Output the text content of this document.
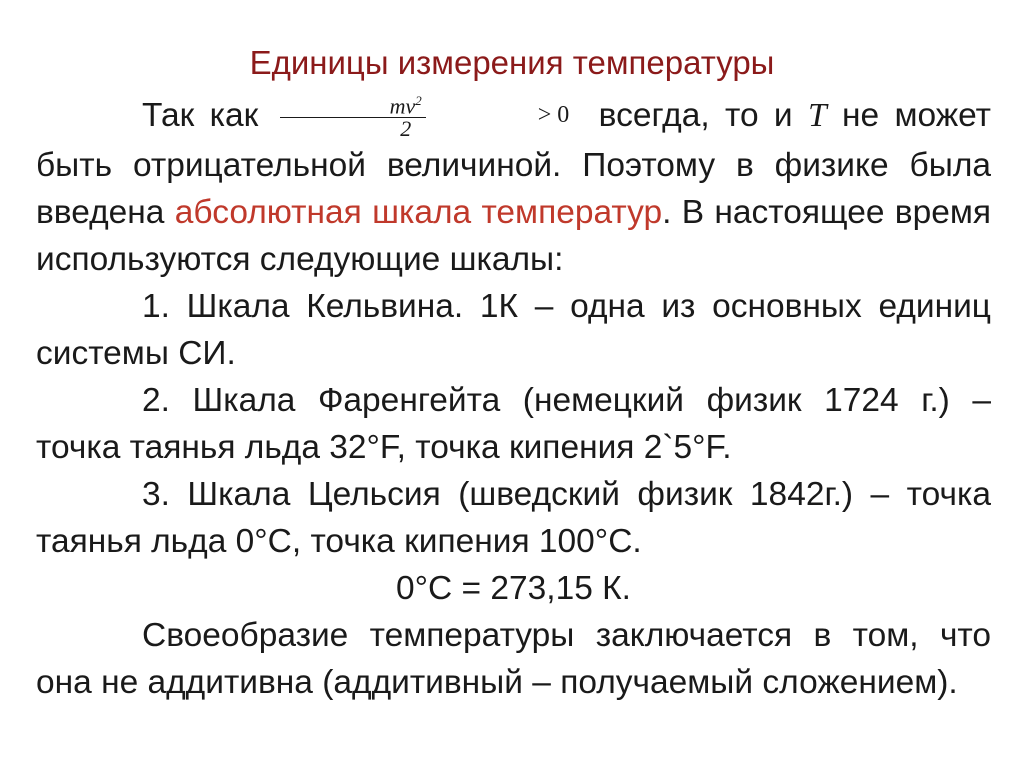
Единицы измерения температуры

Так как $\frac{mv^2}{2}$	> 0 всегда, то и T не может быть отрицательной величиной. Поэтому в физике была введена абсолютная шкала температур. В настоящее время используются следующие шкалы:

1. Шкала Кельвина. 1К – одна из основных единиц системы СИ.

2. Шкала Фаренгейта (немецкий физик 1724 г.) – точка таянья льда 32°F, точка кипения 2`5°F.

3. Шкала Цельсия (шведский физик 1842г.) – точка таянья льда 0°С, точка кипения 100°С.

0°С = 273,15 К.

Своеобразие температуры заключается в том, что она не аддитивна (аддитивный – получаемый сложением).
